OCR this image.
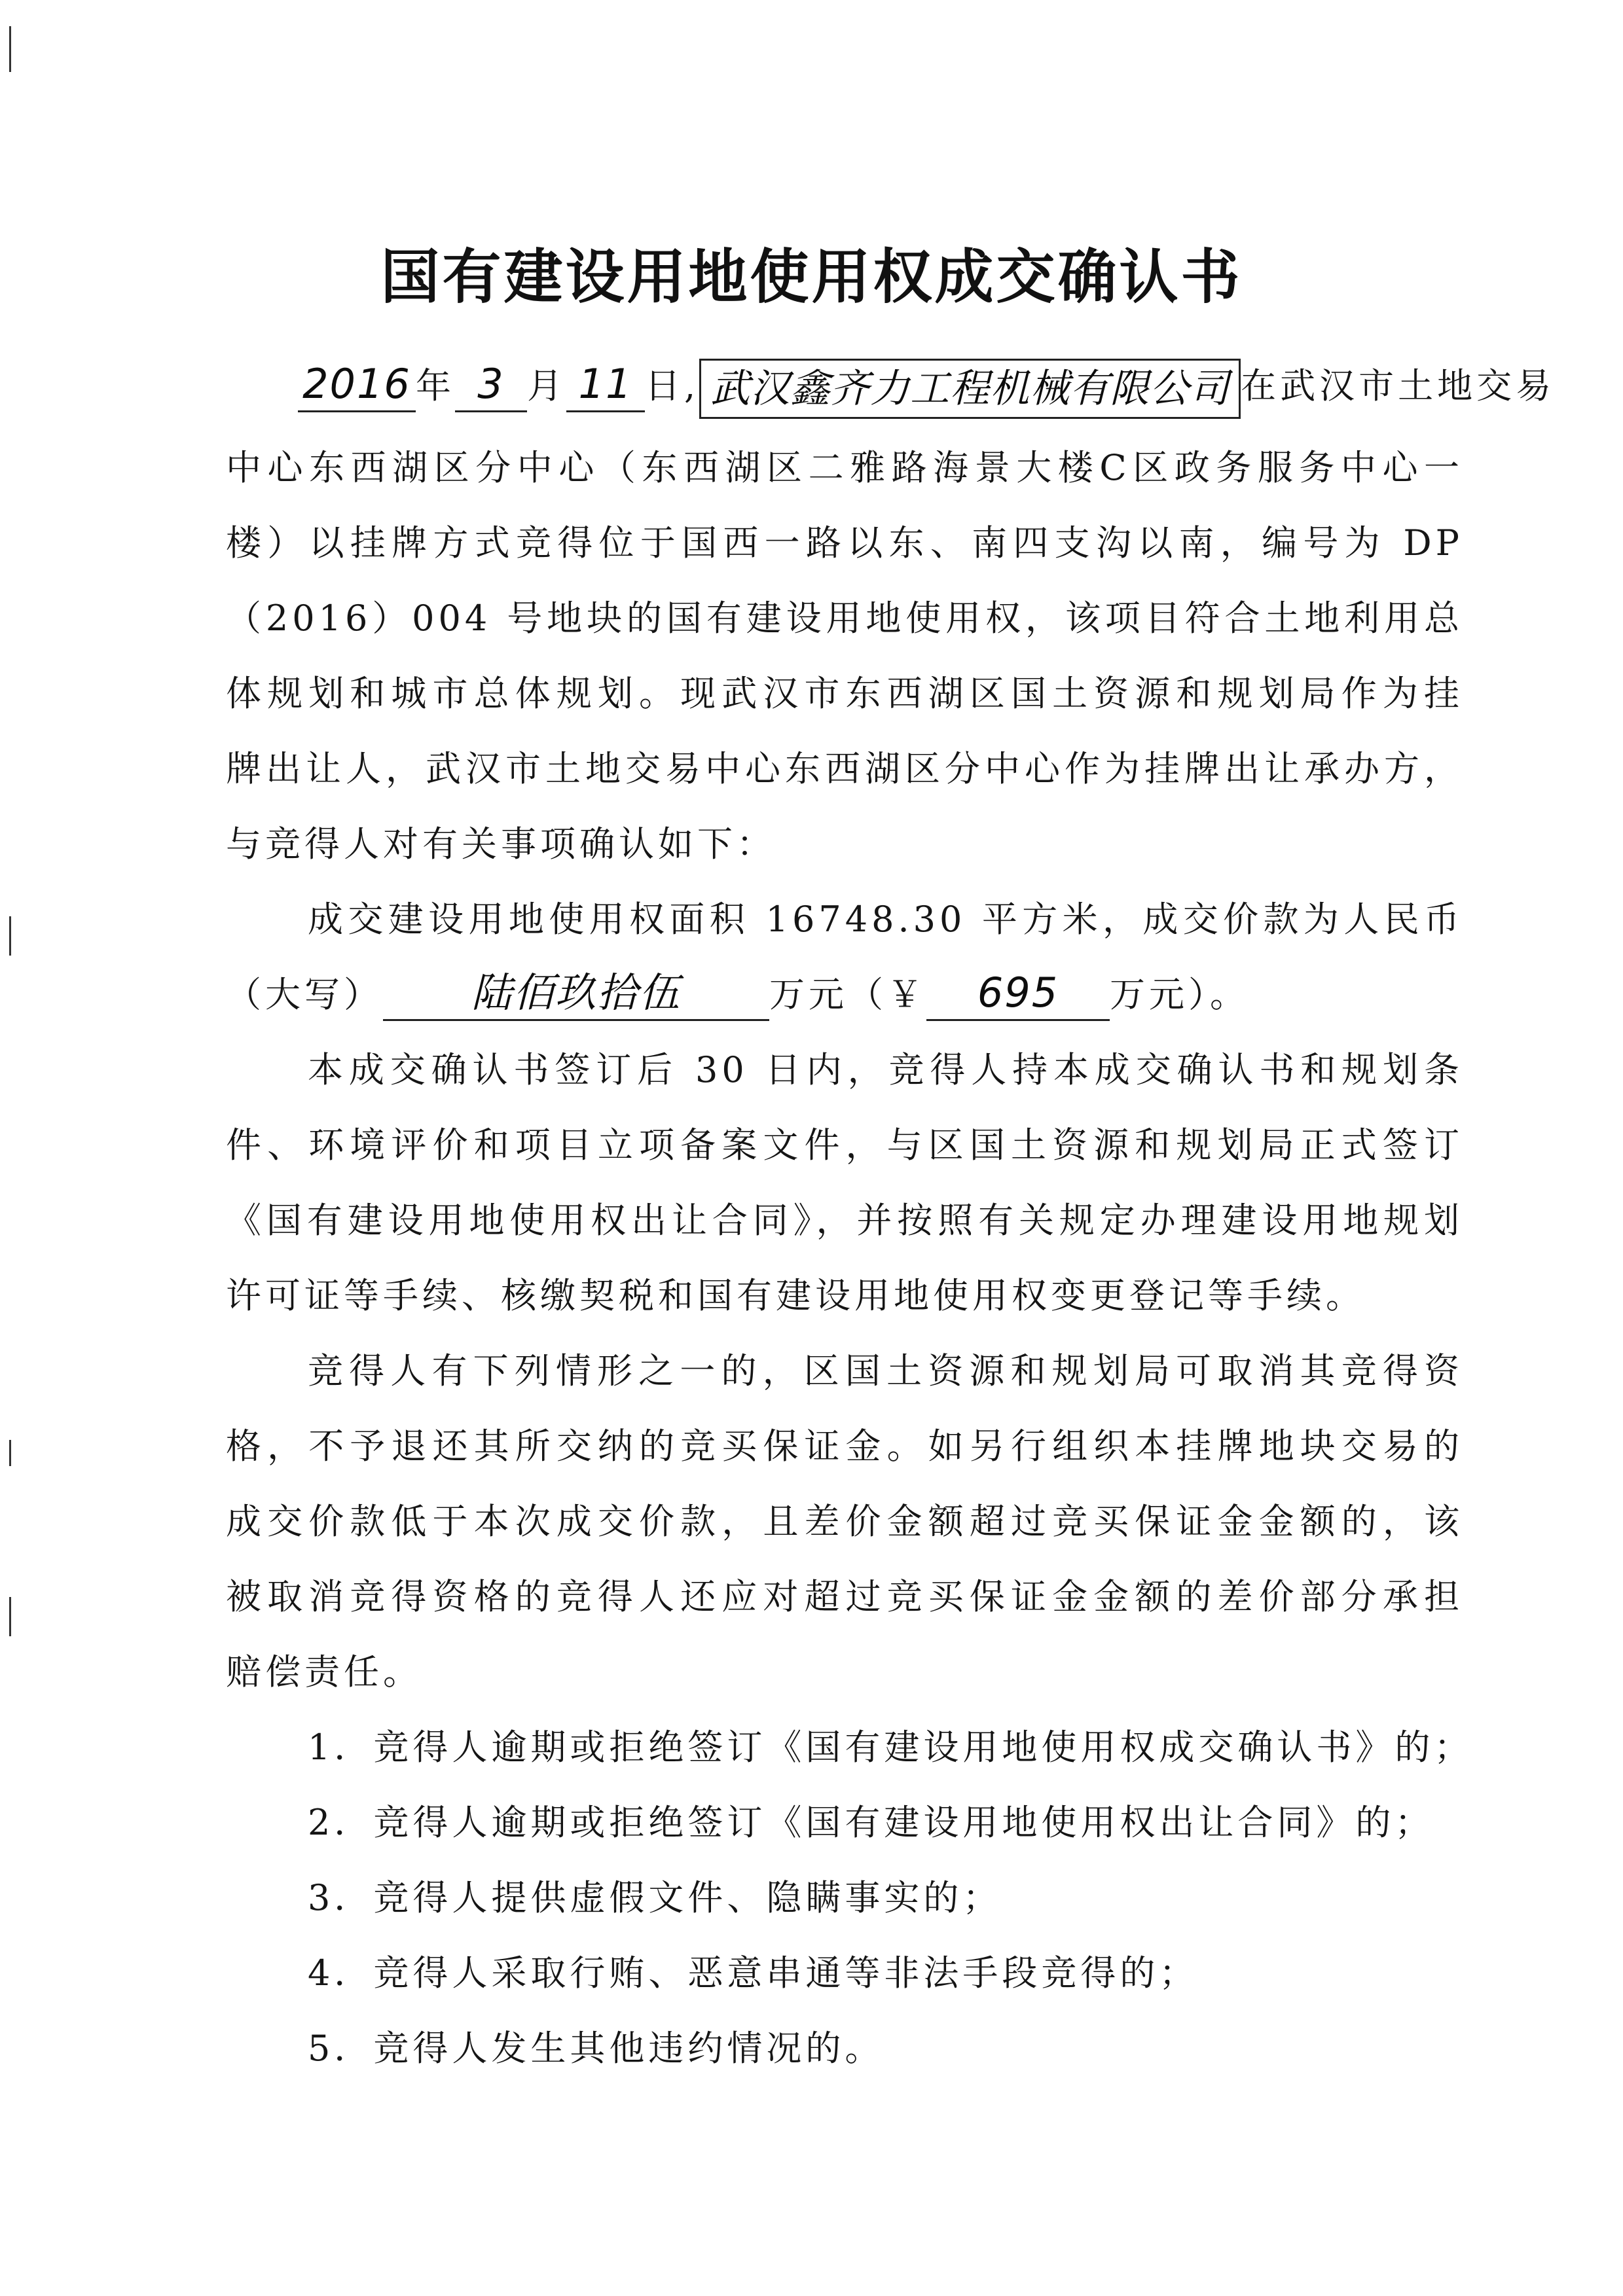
国有建设用地使用权成交确认书
2016 年 3 月 11 日, 武汉鑫齐力工程机械有限公司 在武汉市土地交易
中心东西湖区分中心（东西湖区二雅路海景大楼C区政务服务中心一
楼）以挂牌方式竞得位于国西一路以东、南四支沟以南，编号为 DP
（2016）004 号地块的国有建设用地使用权，该项目符合土地利用总
体规划和城市总体规划。现武汉市东西湖区国土资源和规划局作为挂
牌出让人，武汉市土地交易中心东西湖区分中心作为挂牌出让承办方，
与竞得人对有关事项确认如下：
成交建设用地使用权面积 16748.30 平方米，成交价款为人民币
（大写） 陆佰玖拾伍	万元（￥ 695 万元）。
本成交确认书签订后 30 日内，竞得人持本成交确认书和规划条
件、环境评价和项目立项备案文件，与区国土资源和规划局正式签订
《国有建设用地使用权出让合同》，并按照有关规定办理建设用地规划
许可证等手续、核缴契税和国有建设用地使用权变更登记等手续。
竞得人有下列情形之一的，区国土资源和规划局可取消其竞得资
格，不予退还其所交纳的竞买保证金。如另行组织本挂牌地块交易的
成交价款低于本次成交价款，且差价金额超过竞买保证金金额的，该
被取消竞得资格的竞得人还应对超过竞买保证金金额的差价部分承担
赔偿责任。
1．竞得人逾期或拒绝签订《国有建设用地使用权成交确认书》的；
2．竞得人逾期或拒绝签订《国有建设用地使用权出让合同》的；
3．竞得人提供虚假文件、隐瞒事实的；
4．竞得人采取行贿、恶意串通等非法手段竞得的；
5．竞得人发生其他违约情况的。
